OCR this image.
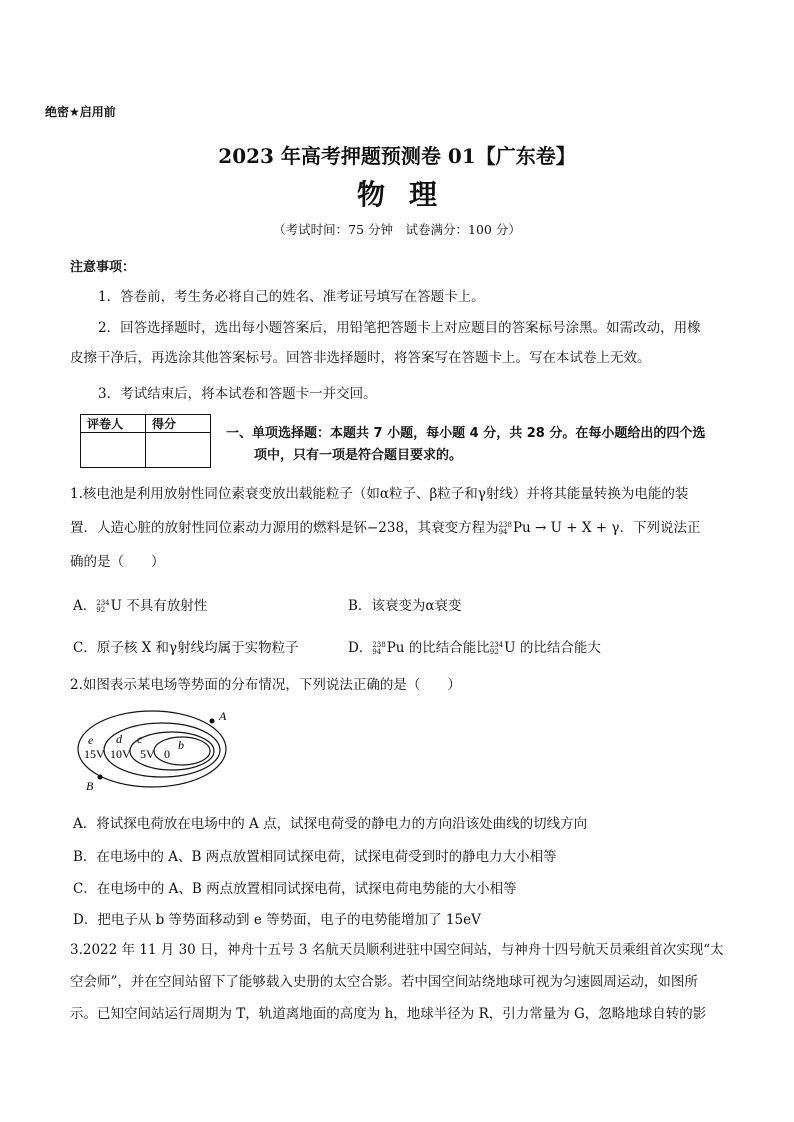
绝密★启用前
2023 年高考押题预测卷 01【广东卷】
物理
（考试时间：75 分钟　试卷满分：100 分）
注意事项：
1．答卷前，考生务必将自己的姓名、准考证号填写在答题卡上。
2．回答选择题时，选出每小题答案后，用铅笔把答题卡上对应题目的答案标号涂黑。如需改动，用橡
皮擦干净后，再选涂其他答案标号。回答非选择题时，将答案写在答题卡上。写在本试卷上无效。
3．考试结束后，将本试卷和答题卡一并交回。
评卷人	得分

一、单项选择题：本题共 7 小题，每小题 4 分，共 28 分。在每小题给出的四个选
项中，只有一项是符合题目要求的。
1.核电池是利用放射性同位素衰变放出载能粒子（如α粒子、β粒子和γ射线）并将其能量转换为电能的装
置．人造心脏的放射性同位素动力源用的燃料是钚−238，其衰变方程为238
94 Pu → U + X + γ．下列说法正
确的是（　　）
A．234
92 U 不具有放射性	B．该衰变为α衰变
C．原子核 X 和γ射线均属于实物粒子	D．238
94 Pu 的比结合能比234
92 U 的比结合能大
2.如图表示某电场等势面的分布情况，下列说法正确的是（　　）
A
B
e d c	b
15V 10V 5V 0
A．将试探电荷放在电场中的 A 点，试探电荷受的静电力的方向沿该处曲线的切线方向
B．在电场中的 A、B 两点放置相同试探电荷，试探电荷受到时的静电力大小相等
C．在电场中的 A、B 两点放置相同试探电荷，试探电荷电势能的大小相等
D．把电子从 b 等势面移动到 e 等势面，电子的电势能增加了 15eV
3.2022 年 11 月 30 日，神舟十五号 3 名航天员顺利进驻中国空间站，与神舟十四号航天员乘组首次实现“太
空会师”，并在空间站留下了能够载入史册的太空合影。若中国空间站绕地球可视为匀速圆周运动，如图所
示。已知空间站运行周期为 T，轨道离地面的高度为 h，地球半径为 R，引力常量为 G，忽略地球自转的影
